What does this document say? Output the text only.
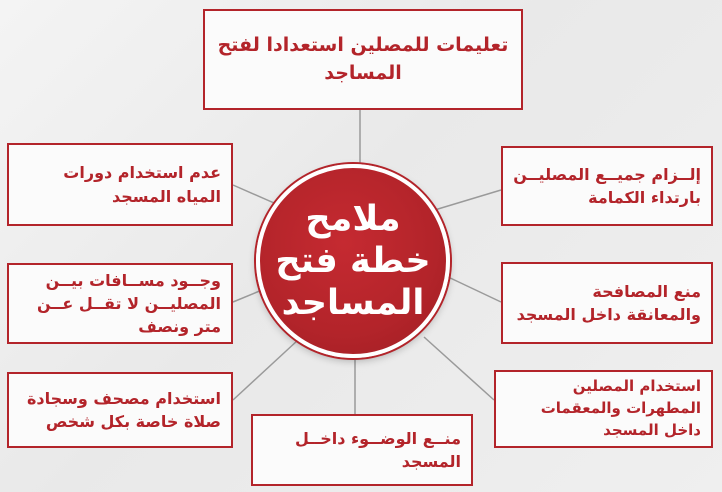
تعليمات للمصلين استعدادا لفتح المساجد
إلــزام جميــع المصليــن بارتداء الكمامة
منع المصافحة والمعانقة داخل المسجد
استخدام المصلين المطهرات والمعقمات داخل المسجد
عدم استخدام دورات المياه المسجد
وجــود مســافات بيــن المصليــن لا تقــل عــن متر ونصف
استخدام مصحف وسجادة صلاة خاصة بكل شخص
منــع الوضــوء داخــل المسجد
ملامح خطة فتح المساجد
